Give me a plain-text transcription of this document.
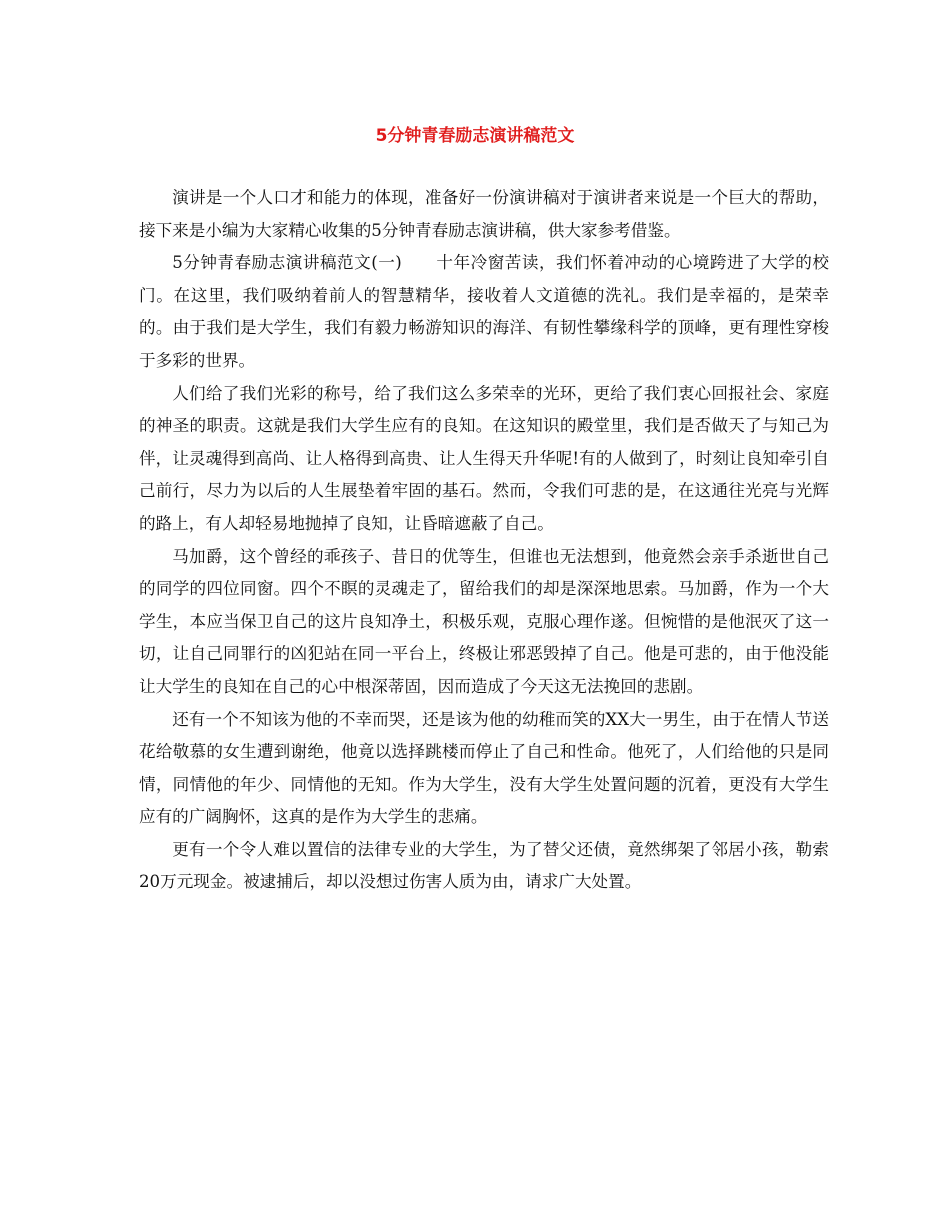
5分钟青春励志演讲稿范文

演讲是一个人口才和能力的体现，准备好一份演讲稿对于演讲者来说是一个巨大的帮助，接下来是小编为大家精心收集的5分钟青春励志演讲稿，供大家参考借鉴。

5分钟青春励志演讲稿范文(一)　　十年冷窗苦读，我们怀着冲动的心境跨进了大学的校门。在这里，我们吸纳着前人的智慧精华，接收着人文道德的洗礼。我们是幸福的，是荣幸的。由于我们是大学生，我们有毅力畅游知识的海洋、有韧性攀缘科学的顶峰，更有理性穿梭于多彩的世界。

人们给了我们光彩的称号，给了我们这么多荣幸的光环，更给了我们衷心回报社会、家庭的神圣的职责。这就是我们大学生应有的良知。在这知识的殿堂里，我们是否做天了与知己为伴，让灵魂得到高尚、让人格得到高贵、让人生得天升华呢!有的人做到了，时刻让良知牵引自己前行，尽力为以后的人生展垫着牢固的基石。然而，令我们可悲的是，在这通往光亮与光辉的路上，有人却轻易地抛掉了良知，让昏暗遮蔽了自己。

马加爵，这个曾经的乖孩子、昔日的优等生，但谁也无法想到，他竟然会亲手杀逝世自己的同学的四位同窗。四个不瞑的灵魂走了，留给我们的却是深深地思索。马加爵，作为一个大学生，本应当保卫自己的这片良知净土，积极乐观，克服心理作遂。但惋惜的是他泯灭了这一切，让自己同罪行的凶犯站在同一平台上，终极让邪恶毁掉了自己。他是可悲的，由于他没能让大学生的良知在自己的心中根深蒂固，因而造成了今天这无法挽回的悲剧。

还有一个不知该为他的不幸而哭，还是该为他的幼稚而笑的XX大一男生，由于在情人节送花给敬慕的女生遭到谢绝，他竟以选择跳楼而停止了自己和性命。他死了，人们给他的只是同情，同情他的年少、同情他的无知。作为大学生，没有大学生处置问题的沉着，更没有大学生应有的广阔胸怀，这真的是作为大学生的悲痛。

更有一个令人难以置信的法律专业的大学生，为了替父还债，竟然绑架了邻居小孩，勒索20万元现金。被逮捕后，却以没想过伤害人质为由，请求广大处置。
